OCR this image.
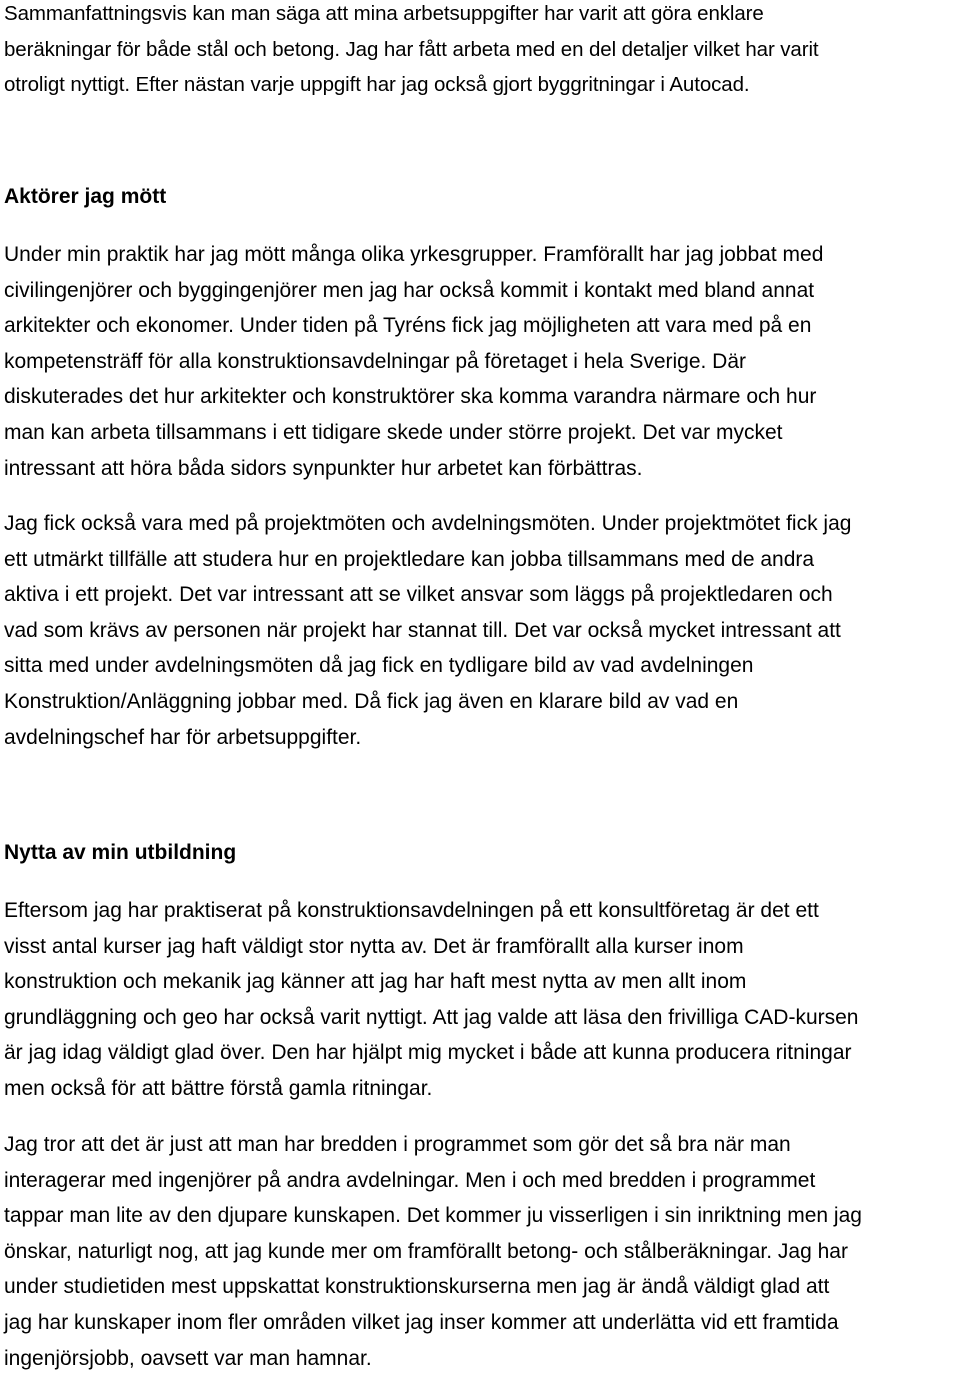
Sammanfattningsvis kan man säga att mina arbetsuppgifter har varit att göra enklare
beräkningar för både stål och betong. Jag har fått arbeta med en del detaljer vilket har varit
otroligt nyttigt. Efter nästan varje uppgift har jag också gjort byggritningar i Autocad.
Aktörer jag mött
Under min praktik har jag mött många olika yrkesgrupper. Framförallt har jag jobbat med
civilingenjörer och byggingenjörer men jag har också kommit i kontakt med bland annat
arkitekter och ekonomer. Under tiden på Tyréns fick jag möjligheten att vara med på en
kompetensträff för alla konstruktionsavdelningar på företaget i hela Sverige. Där
diskuterades det hur arkitekter och konstruktörer ska komma varandra närmare och hur
man kan arbeta tillsammans i ett tidigare skede under större projekt. Det var mycket
intressant att höra båda sidors synpunkter hur arbetet kan förbättras.
Jag fick också vara med på projektmöten och avdelningsmöten. Under projektmötet fick jag
ett utmärkt tillfälle att studera hur en projektledare kan jobba tillsammans med de andra
aktiva i ett projekt. Det var intressant att se vilket ansvar som läggs på projektledaren och
vad som krävs av personen när projekt har stannat till. Det var också mycket intressant att
sitta med under avdelningsmöten då jag fick en tydligare bild av vad avdelningen
Konstruktion/Anläggning jobbar med. Då fick jag även en klarare bild av vad en
avdelningschef har för arbetsuppgifter.
Nytta av min utbildning
Eftersom jag har praktiserat på konstruktionsavdelningen på ett konsultföretag är det ett
visst antal kurser jag haft väldigt stor nytta av. Det är framförallt alla kurser inom
konstruktion och mekanik jag känner att jag har haft mest nytta av men allt inom
grundläggning och geo har också varit nyttigt. Att jag valde att läsa den frivilliga CAD-kursen
är jag idag väldigt glad över. Den har hjälpt mig mycket i både att kunna producera ritningar
men också för att bättre förstå gamla ritningar.
Jag tror att det är just att man har bredden i programmet som gör det så bra när man
interagerar med ingenjörer på andra avdelningar. Men i och med bredden i programmet
tappar man lite av den djupare kunskapen. Det kommer ju visserligen i sin inriktning men jag
önskar, naturligt nog, att jag kunde mer om framförallt betong- och stålberäkningar. Jag har
under studietiden mest uppskattat konstruktionskurserna men jag är ändå väldigt glad att
jag har kunskaper inom fler områden vilket jag inser kommer att underlätta vid ett framtida
ingenjörsjobb, oavsett var man hamnar.
